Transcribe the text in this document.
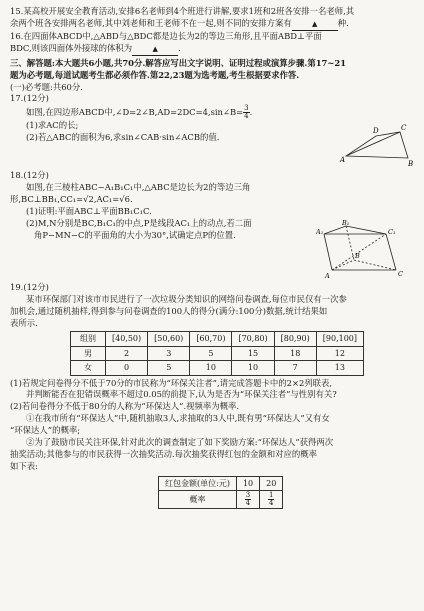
15.某高校开展安全教育活动,安排6名老师到4个班进行讲解,要求1班和2班各安排一名老师,其

余两个班各安排两名老师,其中刘老师和王老师不在一起,则不同的安排方案有	▲ 种.

16.在四面体ABCD中,△ABD与△BDC都是边长为2的等边三角形,且平面ABD⊥平面

BDC,则该四面体外接球的体积为	▲ .

三、解答题:本大题共6小题,共70分.解答应写出文字说明、证明过程或演算步骤.第17~21

题为必考题,每道试题考生都必须作答.第22,23题为选考题,考生根据要求作答.

(一)必考题:共60分.

17.(12分)

如图,在四边形ABCD中,∠D=2∠B,AD=2DC=4,sin∠B= $\frac{3}{4}$ .

(1)求AC的长;

(2)若△ABC的面积为6,求sin∠CAB·sin∠ACB的值.

A	B
C
D

18.(12分)

如图,在三棱柱ABC−A₁B₁C₁中,△ABC是边长为2的等边三角

形,BC⊥BB₁,CC₁=√2,AC₁=√6.

(1)证明:平面ABC⊥平面BB₁C₁C.

(2)M,N分别是BC,B₁C₁的中点,P是线段AC₁上的动点,若二面

角P−MN−C的平面角的大小为30°,试确定点P的位置.	A₁
B₁
C₁
A
B
C

19.(12分)

某市环保部门对该市市民进行了一次垃圾分类知识的网络问卷调查,每位市民仅有一次参

加机会,通过随机抽样,得到参与问卷调查的100人的得分(满分:100分)数据,统计结果如

表所示.

组别	[40,50)	[50,60)	[60,70)	[70,80)	[80,90)	[90,100]
男	2	3	5	15	18	12
女	0	5	10	10	7	13

(1)若规定问卷得分不低于70分的市民称为“环保关注者”,请完成答题卡中的2×2列联表,

并判断能否在犯错误概率不超过0.05的前提下,认为是否为“环保关注者”与性别有关?

(2)若问卷得分不低于80分的人称为“环保达人”.视频率为概率.

①在我市所有“环保达人”中,随机抽取3人,求抽取的3人中,既有男“环保达人”又有女

“环保达人”的概率;

②为了鼓励市民关注环保,针对此次的调查制定了如下奖励方案:“环保达人”获得两次

抽奖活动;其他参与的市民获得一次抽奖活动.每次抽奖获得红包的金额和对应的概率

如下表:

红包金额(单位:元)	10	20
概率	$\frac{3}{4}$	$\frac{1}{4}$
